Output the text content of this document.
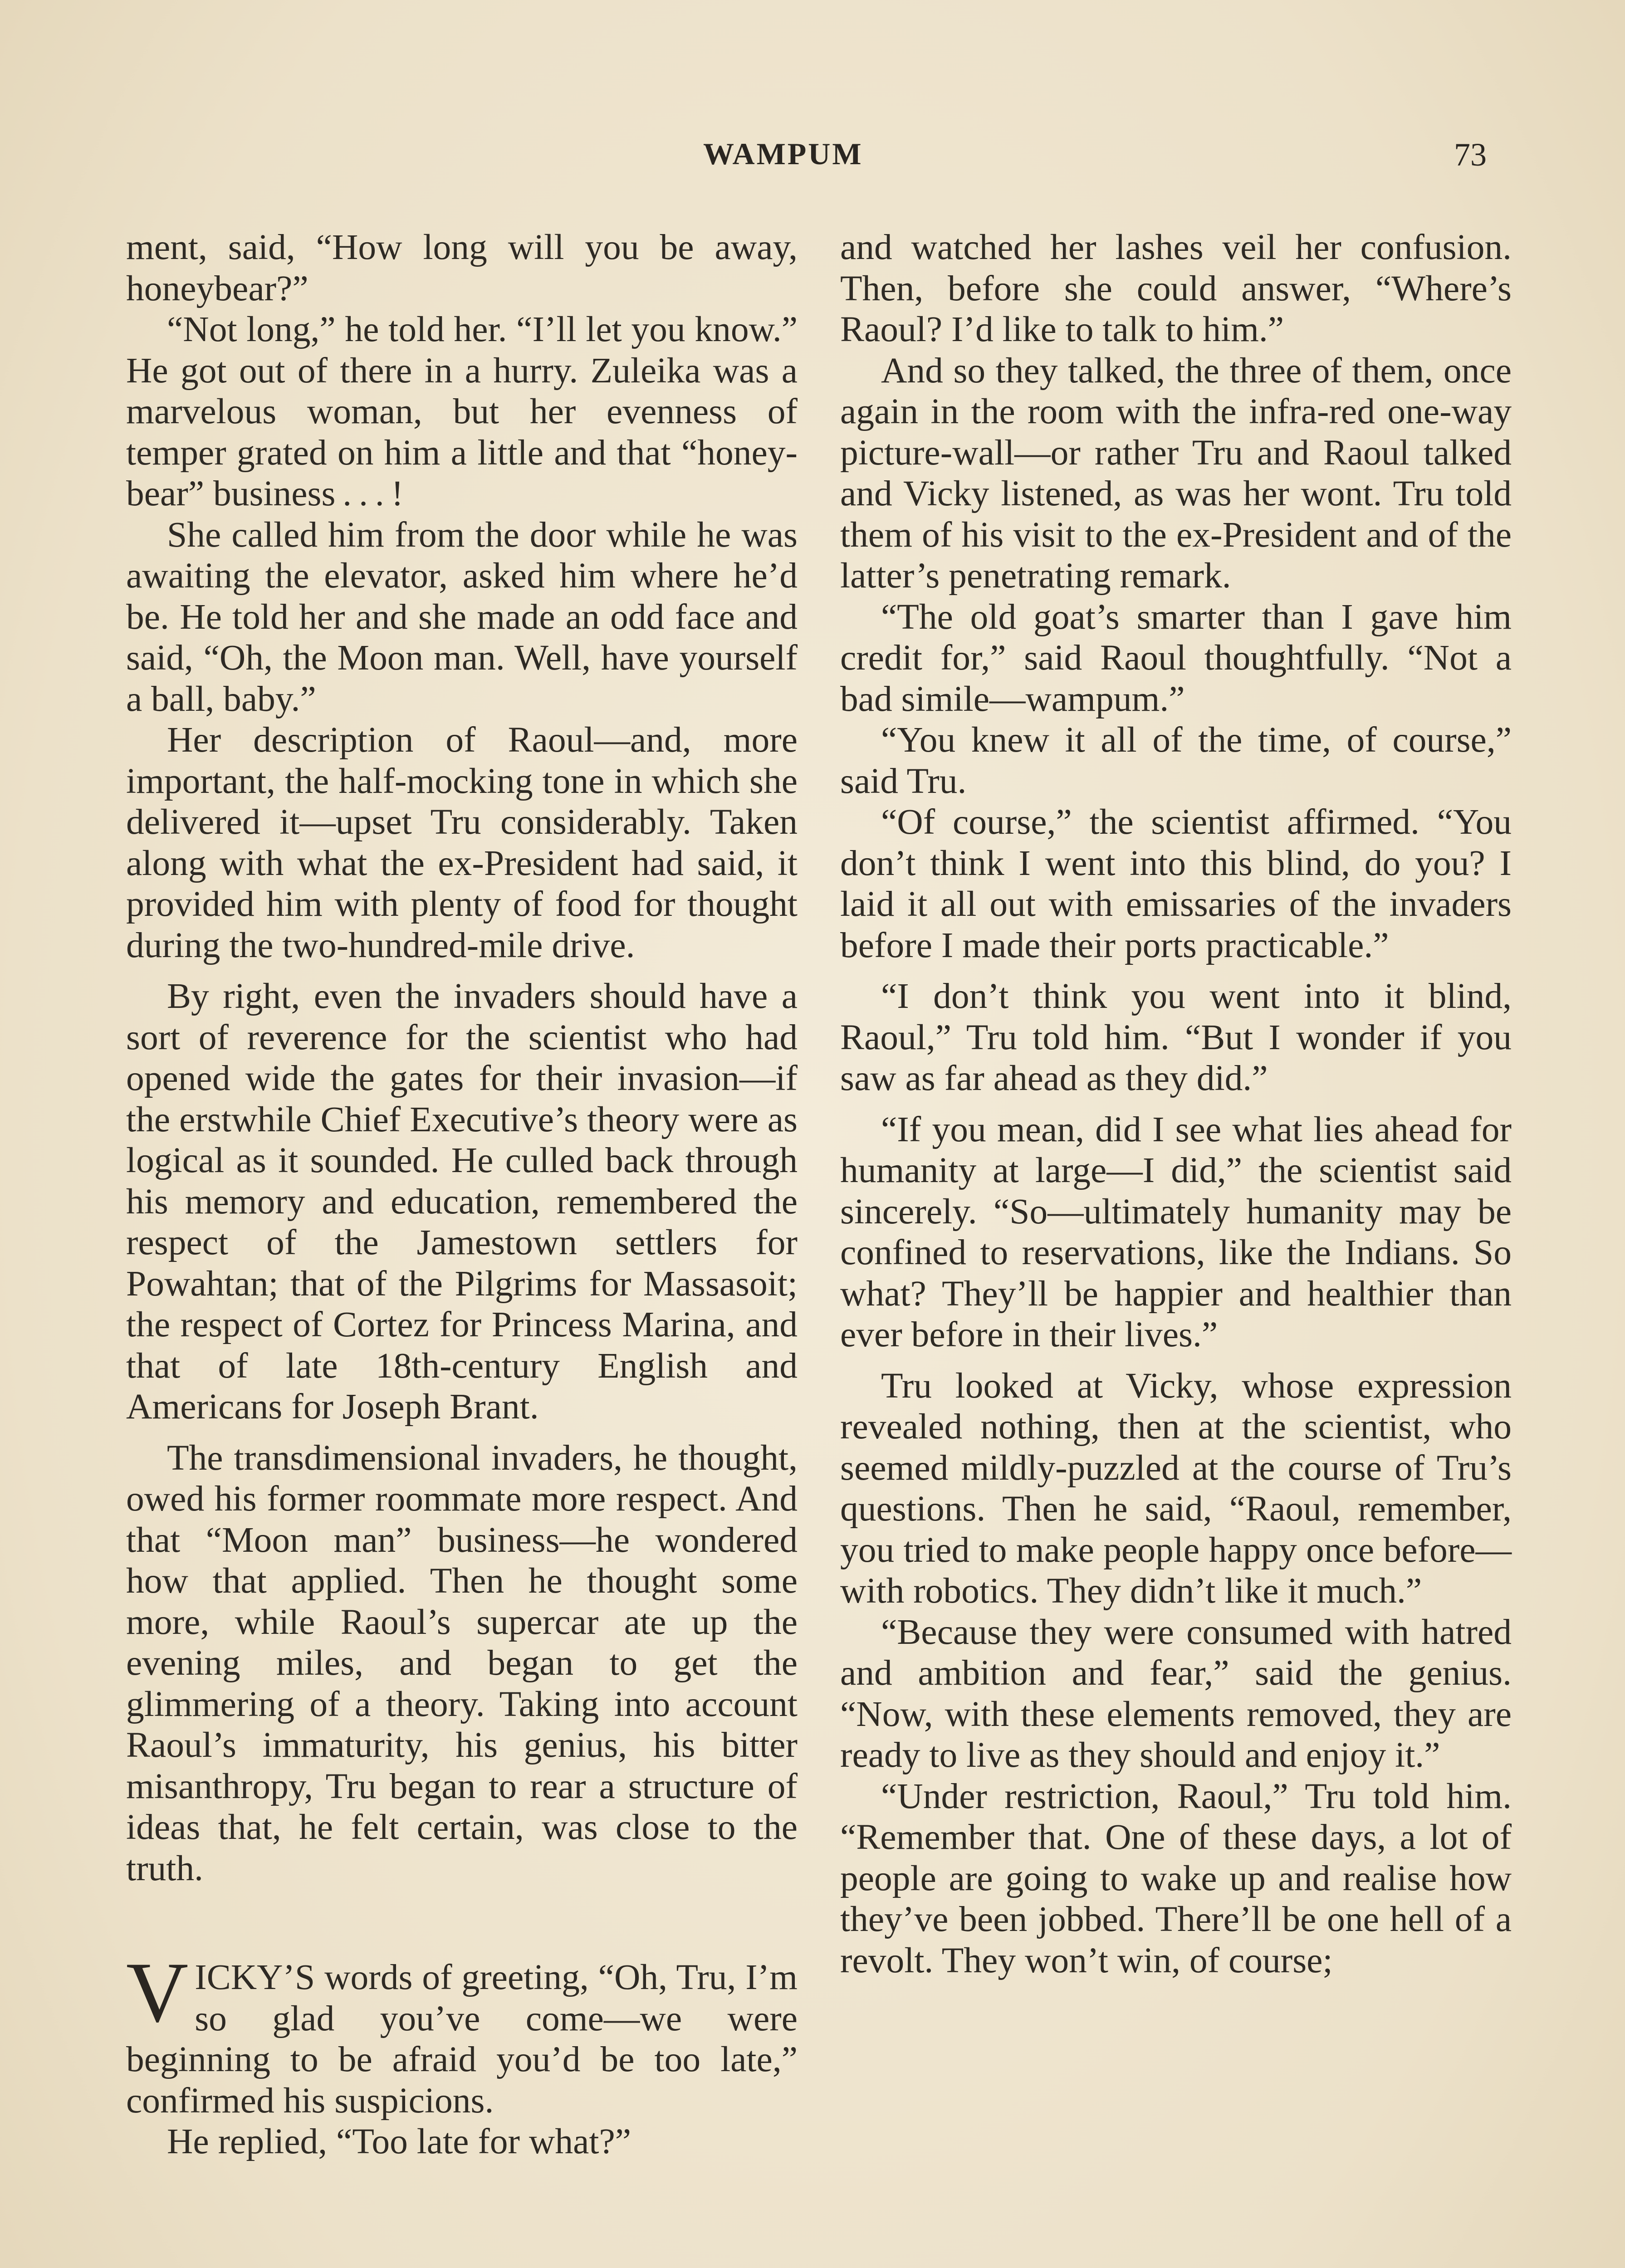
WAMPUM	73

ment, said, “How long will you be away, honeybear?”

“Not long,” he told her. “I’ll let you know.” He got out of there in a hurry. Zuleika was a marvelous woman, but her evenness of temper grated on him a little and that “honeybear” business . . . !

She called him from the door while he was awaiting the elevator, asked him where he’d be. He told her and she made an odd face and said, “Oh, the Moon man. Well, have yourself a ball, baby.”

Her description of Raoul—and, more important, the half-mocking tone in which she delivered it—upset Tru considerably. Taken along with what the ex-President had said, it provided him with plenty of food for thought during the two-hundred-mile drive.

By right, even the invaders should have a sort of reverence for the scientist who had opened wide the gates for their invasion—if the erstwhile Chief Executive’s theory were as logical as it sounded. He culled back through his memory and education, remembered the respect of the Jamestown settlers for Powahtan; that of the Pilgrims for Massasoit; the respect of Cortez for Princess Marina, and that of late 18th-century English and Americans for Joseph Brant.

The transdimensional invaders, he thought, owed his former roommate more respect. And that “Moon man” business—he wondered how that applied. Then he thought some more, while Raoul’s supercar ate up the evening miles, and began to get the glimmering of a theory. Taking into account Raoul’s immaturity, his genius, his bitter misanthropy, Tru began to rear a structure of ideas that, he felt certain, was close to the truth.

VICKY’S words of greeting, “Oh, Tru, I’m so glad you’ve come—we were beginning to be afraid you’d be too late,” confirmed his suspicions.

He replied, “Too late for what?”

and watched her lashes veil her confusion. Then, before she could answer, “Where’s Raoul? I’d like to talk to him.”

And so they talked, the three of them, once again in the room with the infra-red one-way picture-wall—or rather Tru and Raoul talked and Vicky listened, as was her wont. Tru told them of his visit to the ex-President and of the latter’s penetrating remark.

“The old goat’s smarter than I gave him credit for,” said Raoul thoughtfully. “Not a bad simile—wampum.”

“You knew it all of the time, of course,” said Tru.

“Of course,” the scientist affirmed. “You don’t think I went into this blind, do you? I laid it all out with emissaries of the invaders before I made their ports practicable.”

“I don’t think you went into it blind, Raoul,” Tru told him. “But I wonder if you saw as far ahead as they did.”

“If you mean, did I see what lies ahead for humanity at large—I did,” the scientist said sincerely. “So—ultimately humanity may be confined to reservations, like the Indians. So what? They’ll be happier and healthier than ever before in their lives.”

Tru looked at Vicky, whose expression revealed nothing, then at the scientist, who seemed mildly-puzzled at the course of Tru’s questions. Then he said, “Raoul, remember, you tried to make people happy once before—with robotics. They didn’t like it much.”

“Because they were consumed with hatred and ambition and fear,” said the genius. “Now, with these elements removed, they are ready to live as they should and enjoy it.”

“Under restriction, Raoul,” Tru told him. “Remember that. One of these days, a lot of people are going to wake up and realise how they’ve been jobbed. There’ll be one hell of a revolt. They won’t win, of course;
